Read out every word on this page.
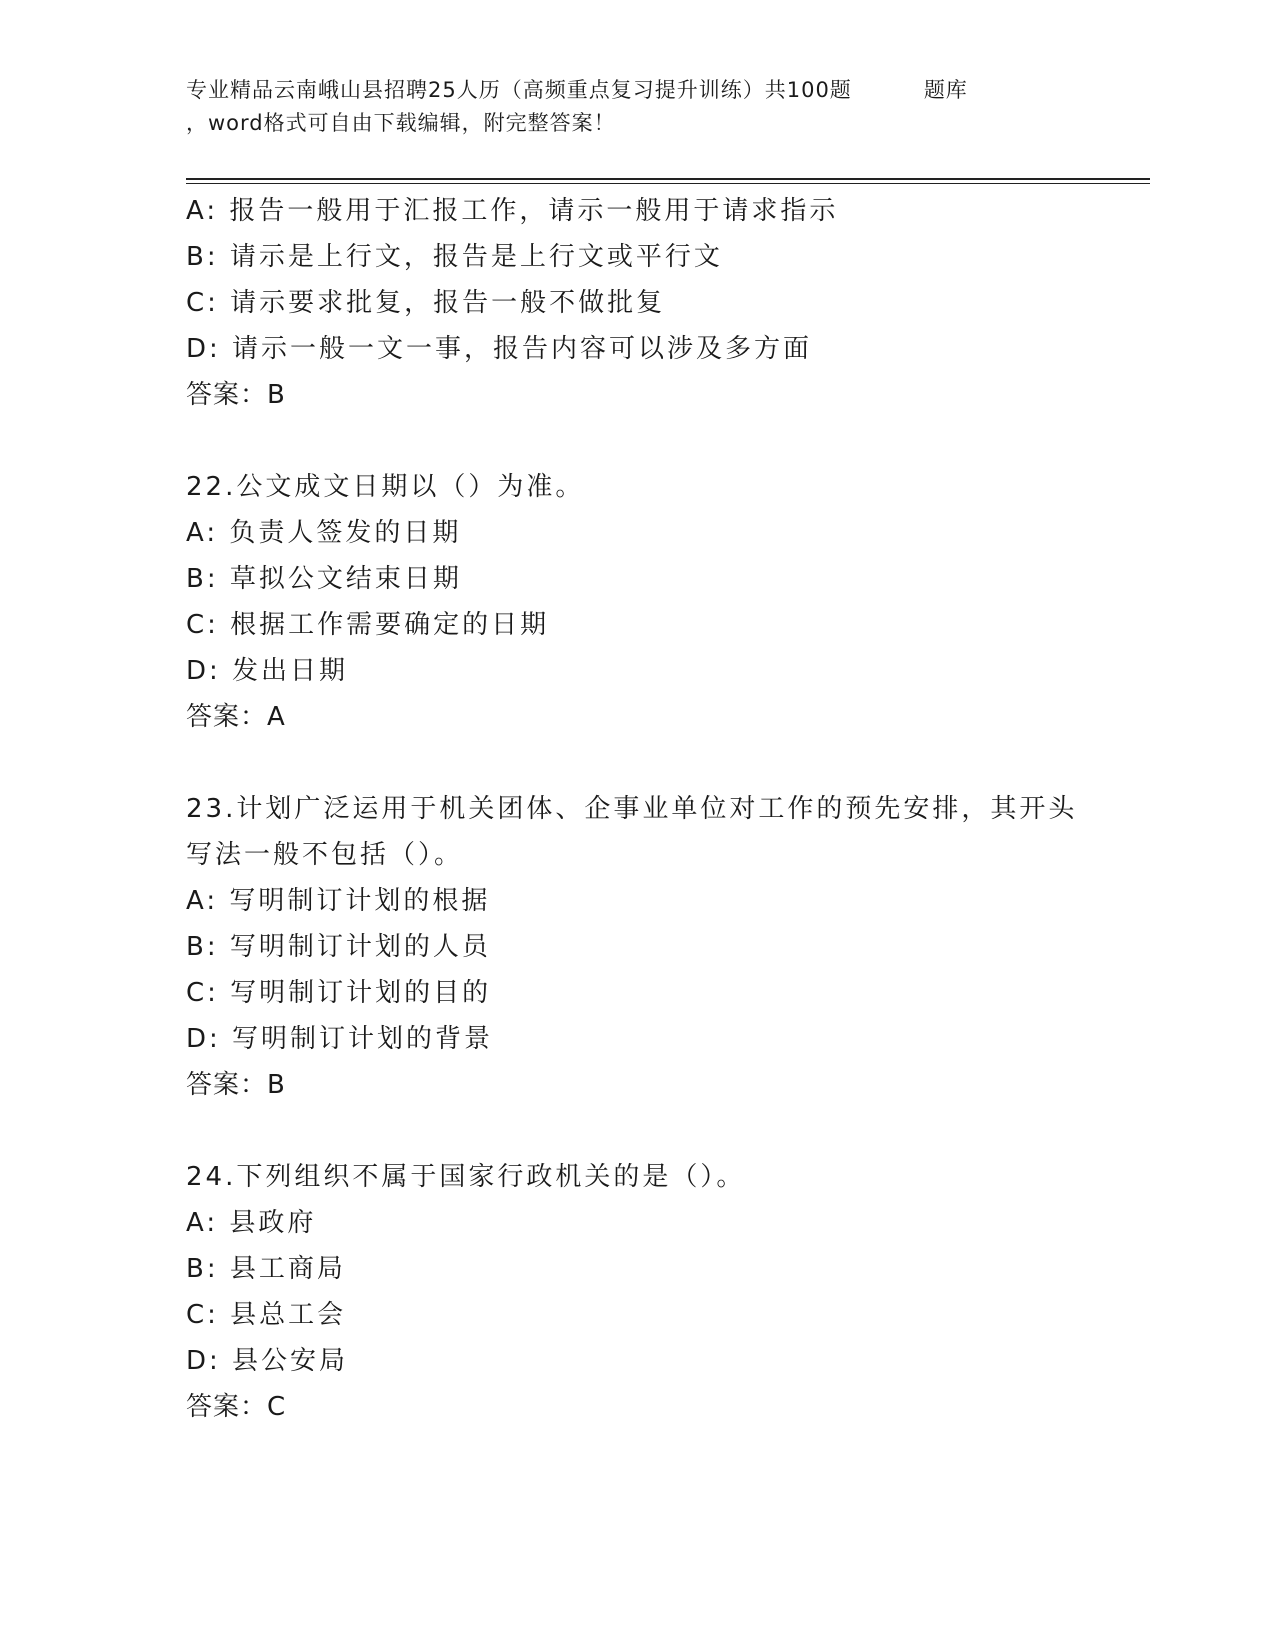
专业精品云南峨山县招聘25人历（高频重点复习提升训练）共100题	题库
，word格式可自由下载编辑，附完整答案！
A: 报告一般用于汇报工作，请示一般用于请求指示
B: 请示是上行文，报告是上行文或平行文
C: 请示要求批复，报告一般不做批复
D: 请示一般一文一事，报告内容可以涉及多方面
答案：B
22.公文成文日期以（）为准。
A: 负责人签发的日期
B: 草拟公文结束日期
C: 根据工作需要确定的日期
D: 发出日期
答案：A
23.计划广泛运用于机关团体、企事业单位对工作的预先安排，其开头
写法一般不包括（）。
A: 写明制订计划的根据
B: 写明制订计划的人员
C: 写明制订计划的目的
D: 写明制订计划的背景
答案：B
24.下列组织不属于国家行政机关的是（）。
A: 县政府
B: 县工商局
C: 县总工会
D: 县公安局
答案：C
